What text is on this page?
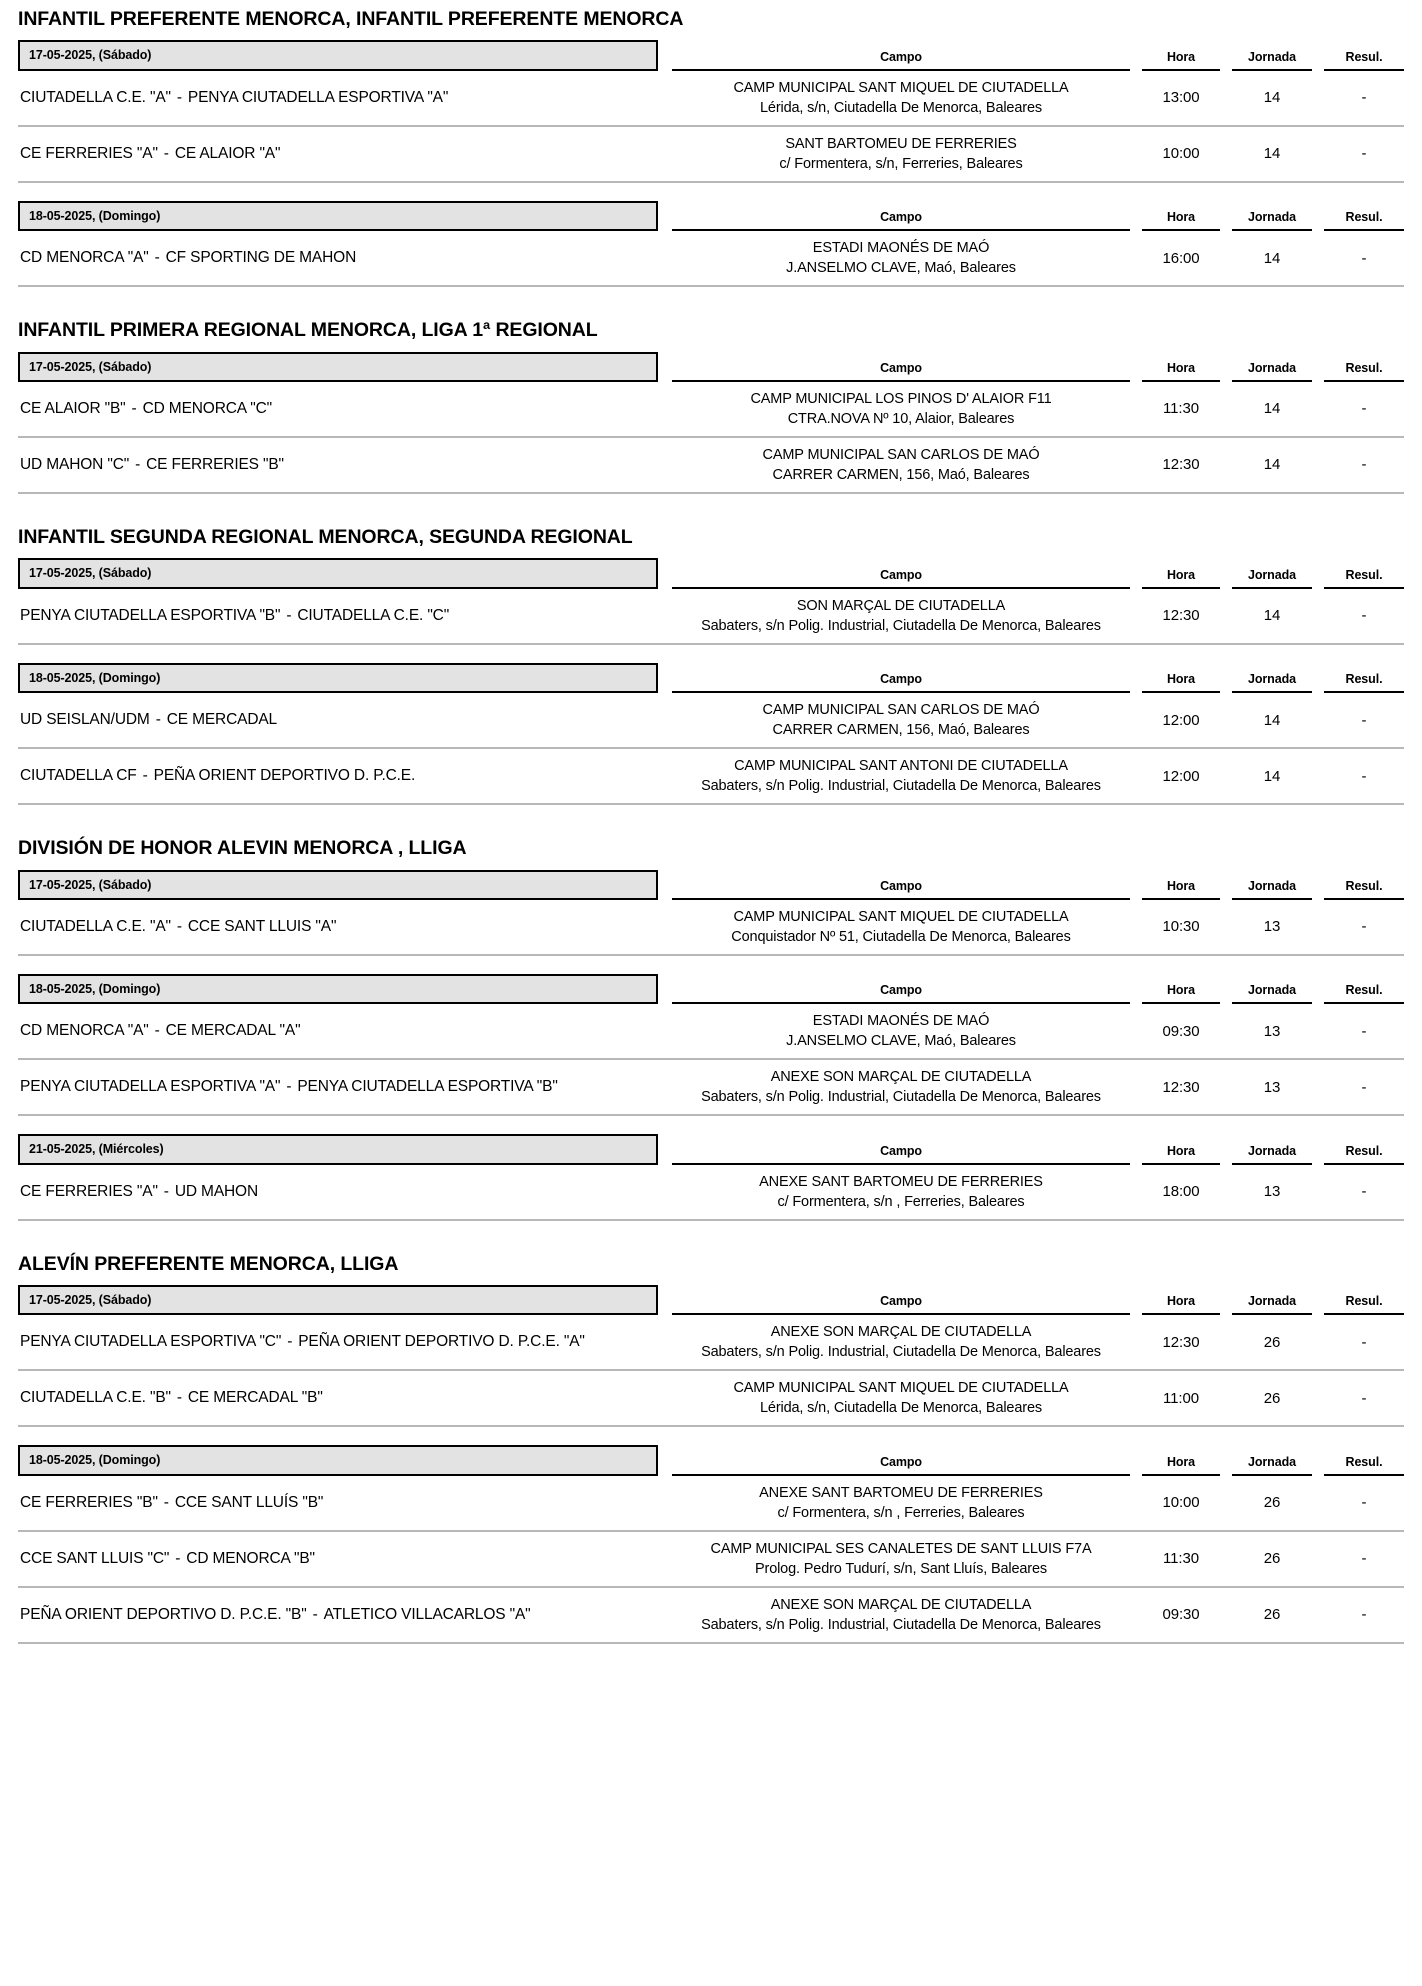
INFANTIL PREFERENTE MENORCA, INFANTIL PREFERENTE MENORCA
17-05-2025, (Sábado)	Campo	Hora	Jornada	Resul.
CIUTADELLA C.E. "A" - PENYA CIUTADELLA ESPORTIVA "A"
CAMP MUNICIPAL SANT MIQUEL DE CIUTADELLA
Lérida, s/n, Ciutadella De Menorca, Baleares
13:00	14	-
CE FERRERIES "A" - CE ALAIOR "A"
SANT BARTOMEU DE FERRERIES
c/ Formentera, s/n, Ferreries, Baleares
10:00	14	-
18-05-2025, (Domingo)	Campo	Hora	Jornada	Resul.
CD MENORCA "A" - CF SPORTING DE MAHON
ESTADI MAONÉS DE MAÓ
J.ANSELMO CLAVE, Maó, Baleares
16:00	14	-
INFANTIL PRIMERA REGIONAL MENORCA, LIGA 1ª REGIONAL
17-05-2025, (Sábado)	Campo	Hora	Jornada	Resul.
CE ALAIOR "B" - CD MENORCA "C"
CAMP MUNICIPAL LOS PINOS D' ALAIOR F11
CTRA.NOVA Nº 10, Alaior, Baleares
11:30	14	-
UD MAHON "C" - CE FERRERIES "B"
CAMP MUNICIPAL SAN CARLOS DE MAÓ
CARRER CARMEN, 156, Maó, Baleares
12:30	14	-
INFANTIL SEGUNDA REGIONAL MENORCA, SEGUNDA REGIONAL
17-05-2025, (Sábado)	Campo	Hora	Jornada	Resul.
PENYA CIUTADELLA ESPORTIVA "B" - CIUTADELLA C.E. "C"
SON MARÇAL DE CIUTADELLA
Sabaters, s/n Polig. Industrial, Ciutadella De Menorca, Baleares
12:30	14	-
18-05-2025, (Domingo)	Campo	Hora	Jornada	Resul.
UD SEISLAN/UDM - CE MERCADAL
CAMP MUNICIPAL SAN CARLOS DE MAÓ
CARRER CARMEN, 156, Maó, Baleares
12:00	14	-
CIUTADELLA CF - PEÑA ORIENT DEPORTIVO D. P.C.E.
CAMP MUNICIPAL SANT ANTONI DE CIUTADELLA
Sabaters, s/n Polig. Industrial, Ciutadella De Menorca, Baleares
12:00	14	-
DIVISIÓN DE HONOR ALEVIN MENORCA , LLIGA
17-05-2025, (Sábado)	Campo	Hora	Jornada	Resul.
CIUTADELLA C.E. "A" - CCE SANT LLUIS "A"
CAMP MUNICIPAL SANT MIQUEL DE CIUTADELLA
Conquistador Nº 51, Ciutadella De Menorca, Baleares
10:30	13	-
18-05-2025, (Domingo)	Campo	Hora	Jornada	Resul.
CD MENORCA "A" - CE MERCADAL "A"
ESTADI MAONÉS DE MAÓ
J.ANSELMO CLAVE, Maó, Baleares
09:30	13	-
PENYA CIUTADELLA ESPORTIVA "A" - PENYA CIUTADELLA ESPORTIVA "B"
ANEXE SON MARÇAL DE CIUTADELLA
Sabaters, s/n Polig. Industrial, Ciutadella De Menorca, Baleares
12:30	13	-
21-05-2025, (Miércoles)	Campo	Hora	Jornada	Resul.
CE FERRERIES "A" - UD MAHON
ANEXE SANT BARTOMEU DE FERRERIES
c/ Formentera, s/n , Ferreries, Baleares
18:00	13	-
ALEVÍN PREFERENTE MENORCA, LLIGA
17-05-2025, (Sábado)	Campo	Hora	Jornada	Resul.
PENYA CIUTADELLA ESPORTIVA "C" - PEÑA ORIENT DEPORTIVO D. P.C.E. "A"
ANEXE SON MARÇAL DE CIUTADELLA
Sabaters, s/n Polig. Industrial, Ciutadella De Menorca, Baleares
12:30	26	-
CIUTADELLA C.E. "B" - CE MERCADAL "B"
CAMP MUNICIPAL SANT MIQUEL DE CIUTADELLA
Lérida, s/n, Ciutadella De Menorca, Baleares
11:00	26	-
18-05-2025, (Domingo)	Campo	Hora	Jornada	Resul.
CE FERRERIES "B" - CCE SANT LLUÍS "B"
ANEXE SANT BARTOMEU DE FERRERIES
c/ Formentera, s/n , Ferreries, Baleares
10:00	26	-
CCE SANT LLUIS "C" - CD MENORCA "B"
CAMP MUNICIPAL SES CANALETES DE SANT LLUIS F7A
Prolog. Pedro Tudurí, s/n, Sant Lluís, Baleares
11:30	26	-
PEÑA ORIENT DEPORTIVO D. P.C.E. "B" - ATLETICO VILLACARLOS "A"
ANEXE SON MARÇAL DE CIUTADELLA
Sabaters, s/n Polig. Industrial, Ciutadella De Menorca, Baleares
09:30	26	-
